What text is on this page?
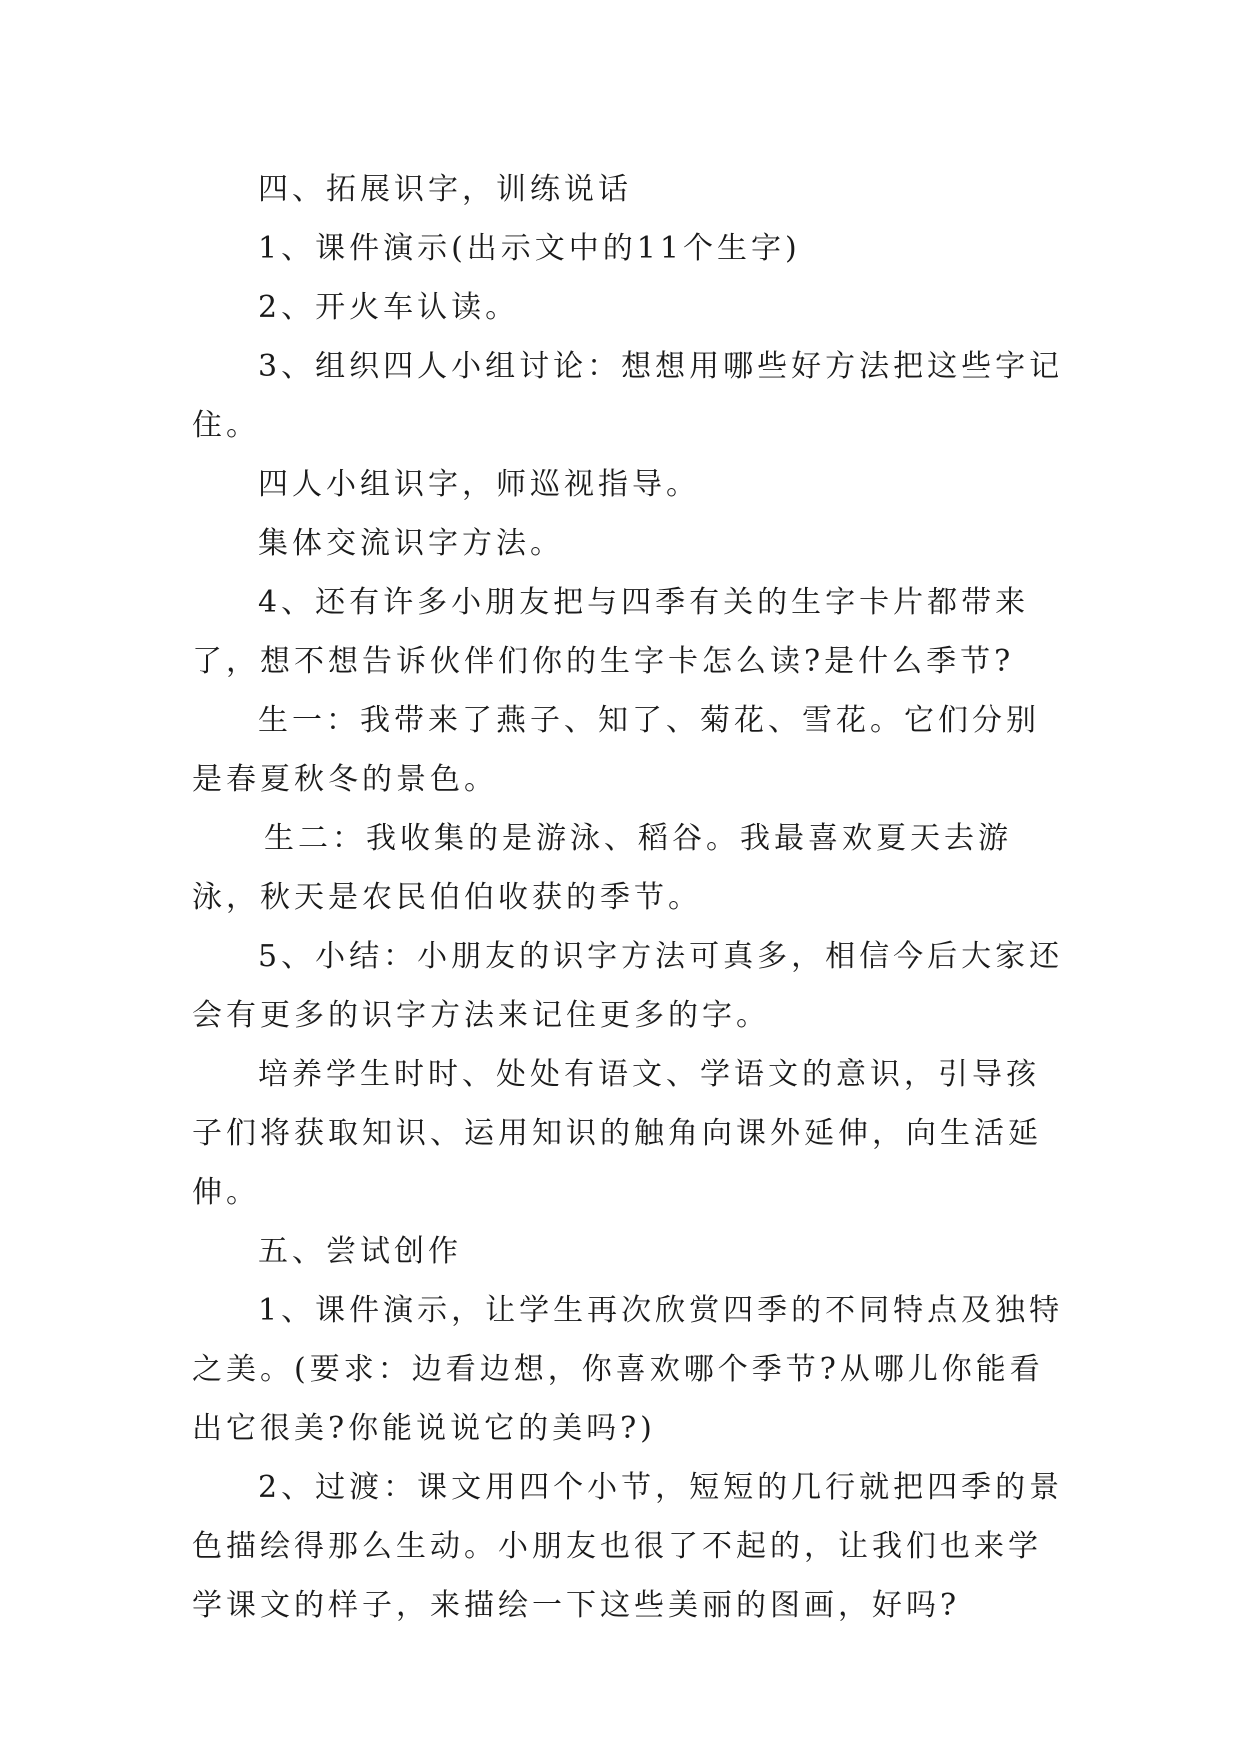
四、拓展识字，训练说话

1、课件演示(出示文中的11个生字)

2、开火车认读。

3、组织四人小组讨论：想想用哪些好方法把这些字记住。

四人小组识字，师巡视指导。

集体交流识字方法。

4、还有许多小朋友把与四季有关的生字卡片都带来了，想不想告诉伙伴们你的生字卡怎么读?是什么季节?

生一：我带来了燕子、知了、菊花、雪花。它们分别是春夏秋冬的景色。

生二：我收集的是游泳、稻谷。我最喜欢夏天去游泳，秋天是农民伯伯收获的季节。

5、小结：小朋友的识字方法可真多，相信今后大家还会有更多的识字方法来记住更多的字。

培养学生时时、处处有语文、学语文的意识，引导孩子们将获取知识、运用知识的触角向课外延伸，向生活延伸。

五、尝试创作

1、课件演示，让学生再次欣赏四季的不同特点及独特之美。(要求：边看边想，你喜欢哪个季节?从哪儿你能看出它很美?你能说说它的美吗?)

2、过渡：课文用四个小节，短短的几行就把四季的景色描绘得那么生动。小朋友也很了不起的，让我们也来学学课文的样子，来描绘一下这些美丽的图画，好吗?
